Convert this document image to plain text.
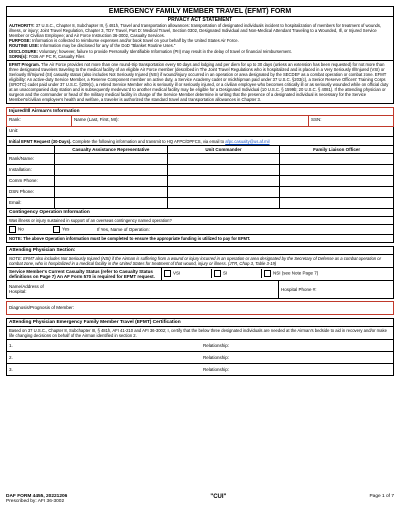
EMERGENCY FAMILY MEMBER TRAVEL (EFMT) FORM
PRIVACY ACT STATEMENT
AUTHORITY: 37 U.S.C., Chapter 8, Subchapter III, § 481h, Travel and transportation allowances: transportation of designated individuals incident to hospitalization of members for treatment of wounds, illness, or injury; Joint Travel Regulation, Chapter 3, TDY Travel, Part D: Medical Travel, Section 0302, Designated Individual and Non-Medical Attendant Traveling to a Wounded, Ill, or Injured Service Member or Civilian Employee; and Air Force Instruction 36-3002, Casualty Services.
PURPOSE: Information is collected to reimburse expenses and/or book travel on your behalf by the United States Air Force.
ROUTINE USE: Information may be disclosed for any of the DoD "Blanket Routine Uses."
DISCLOSURE: Voluntary; however, failure to provide Personally Identifiable Information (PII) may result in the delay of travel or financial reimbursement.
SORN(s): F036 AF PC R, Casualty Files
EFMT Program. The Air Force provides not more than one round-trip transportation every 60 days and lodging and per diem for up to 30 days (unless an extension has been requested) for not more than three designated travelers traveling to the medical facility of an eligible Air Force member (described in The Joint Travel Regulations who is hospitalized and is placed in a Very Seriously Ill/Injured (VSI) or Seriously Ill/Injured (SI) casualty status (also includes Not Seriously Injured (NSI) if wound/injury occurred in an operation or area designated by the SECDEF as a combat operation or combat zone. EFMT eligibility: An active-duty Service Member, a Reserve Component member on active duty, a Service Academy cadet or midshipman paid under 37 U.S.C. §203(c), a Senior Reserve Officers' Training Corps (SROTC) cadet paid under 37 U.S.C. §209(c), a retired Service Member who is seriously ill or seriously injured, or a civilian employee who becomes critically ill or as seriously wounded while on official duty at an unaccompanied duty station and is subsequently medevac'd to another medical facility may be eligible for a Designated Individual (10 U.S.C. § 1599b; 20 U.S.C. § 4081). If the attending physician or surgeon and the commander or head of the military medical facility in charge of the Service Member determine in writing that the presence of a designated individual is necessary for the Service Member's/civilian employee's health and welfare, a traveler is authorized the standard travel and transportation allowances in Chapter 3.
Injured/Ill Airman's Information
Rank:	Name (Last, First, MI):	SSN:
Unit:
Initial EFMT Request (30-Days). Complete the following information and transmit to HQ AFPC/DPFCS, via email to afpc.casualty@us.af.mil
Casualty Assistance Representative	Unit Commander	Family Liaison Officer
Rank/Name:
Installation:
Comm Phone:
DSN Phone:
Email:
Contingency Operation Information
Was illness or injury sustained in support of an overseas contingency named operation?
No	Yes	If Yes, Name of Operation:
NOTE: The above Operation information must be completed to ensure the appropriate funding is utilized to pay for EFMT.
Attending Physician Section:
NOTE: EFMT also includes Not Seriously Injured (NSI) if the Airman is suffering from a wound or injury incurred in an operation or area designated by the Secretary of Defense as a combat operation or combat zone, who is hospitalized in a medical facility in the United States for treatment of that wound, injury or illness. (JTR, Chap 3, Table 3-19)
Service Member's Current Casualty Status (refer to Casualty Status definitions on Page 7) An AF Form 570 is required for EFMT request.
VSI	SI	NSI (see Note Page 7)
Name/Address of Hospital:	Hospital Phone #:
Diagnosis/Prognosis of Member:
Attending Physician Emergency Family Member Travel (EFMT) Certification
Based on 37 U.S.C., Chapter 8, Subchapter III, § 481h, AFI 41-210 and AFI 36-3002; I, certify that the below three designated individuals are needed at the Airman's bedside to aid in recovery and/or make life changing decisions on behalf of the Airman identified in section 2.
1.	Relationship:
2.	Relationship:
3.	Relationship:
DAF FORM 4455, 20221206
Prescribed by: AFI 36-3002
"CUI"	Page 1 of 7
